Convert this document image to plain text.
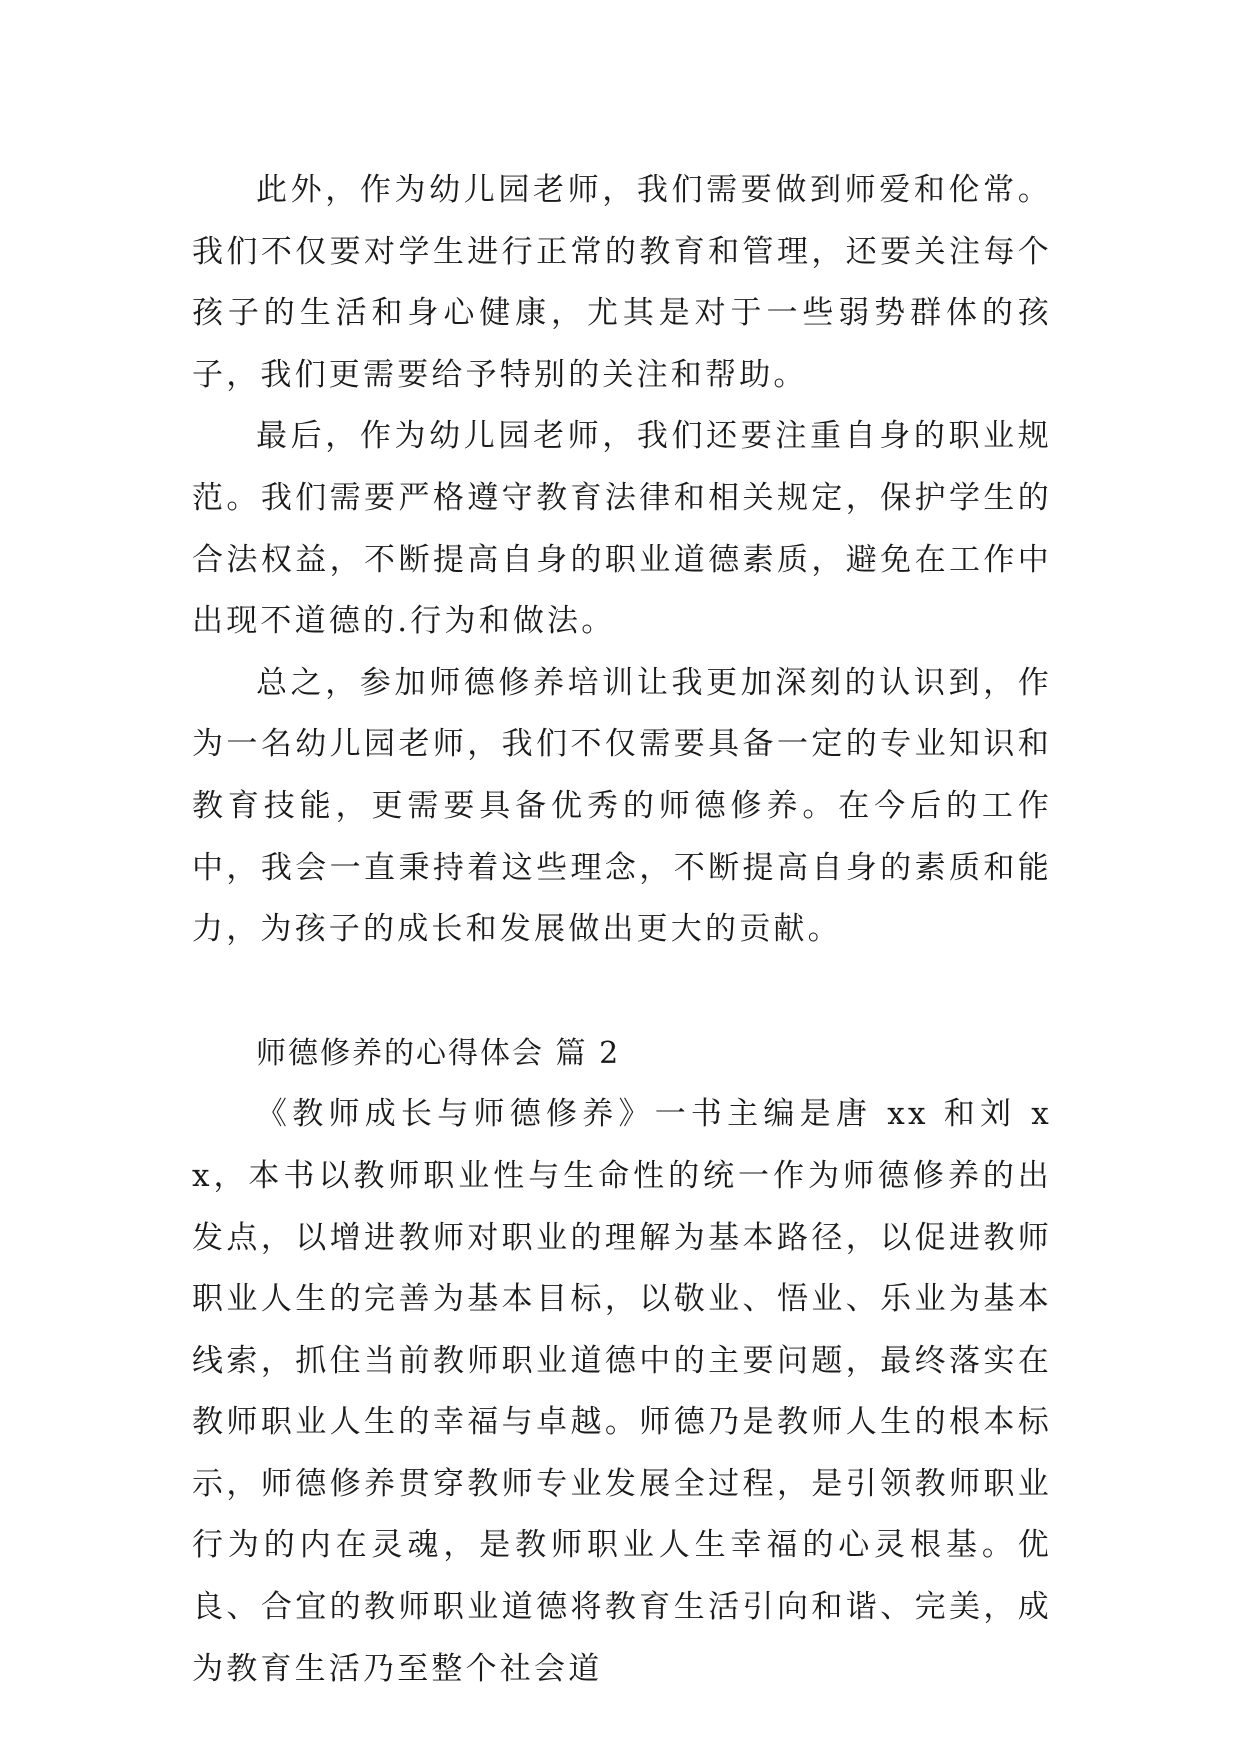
此外，作为幼儿园老师，我们需要做到师爱和伦常。我们不仅要对学生进行正常的教育和管理，还要关注每个孩子的生活和身心健康，尤其是对于一些弱势群体的孩子，我们更需要给予特别的关注和帮助。

最后，作为幼儿园老师，我们还要注重自身的职业规范。我们需要严格遵守教育法律和相关规定，保护学生的合法权益，不断提高自身的职业道德素质，避免在工作中出现不道德的.行为和做法。

总之，参加师德修养培训让我更加深刻的认识到，作为一名幼儿园老师，我们不仅需要具备一定的专业知识和教育技能，更需要具备优秀的师德修养。在今后的工作中，我会一直秉持着这些理念，不断提高自身的素质和能力，为孩子的成长和发展做出更大的贡献。

师德修养的心得体会 篇 2

《教师成长与师德修养》一书主编是唐 xx 和刘 xx，本书以教师职业性与生命性的统一作为师德修养的出发点，以增进教师对职业的理解为基本路径，以促进教师职业人生的完善为基本目标，以敬业、悟业、乐业为基本线索，抓住当前教师职业道德中的主要问题，最终落实在教师职业人生的幸福与卓越。师德乃是教师人生的根本标示，师德修养贯穿教师专业发展全过程，是引领教师职业行为的内在灵魂，是教师职业人生幸福的心灵根基。优良、合宜的教师职业道德将教育生活引向和谐、完美，成为教育生活乃至整个社会道
